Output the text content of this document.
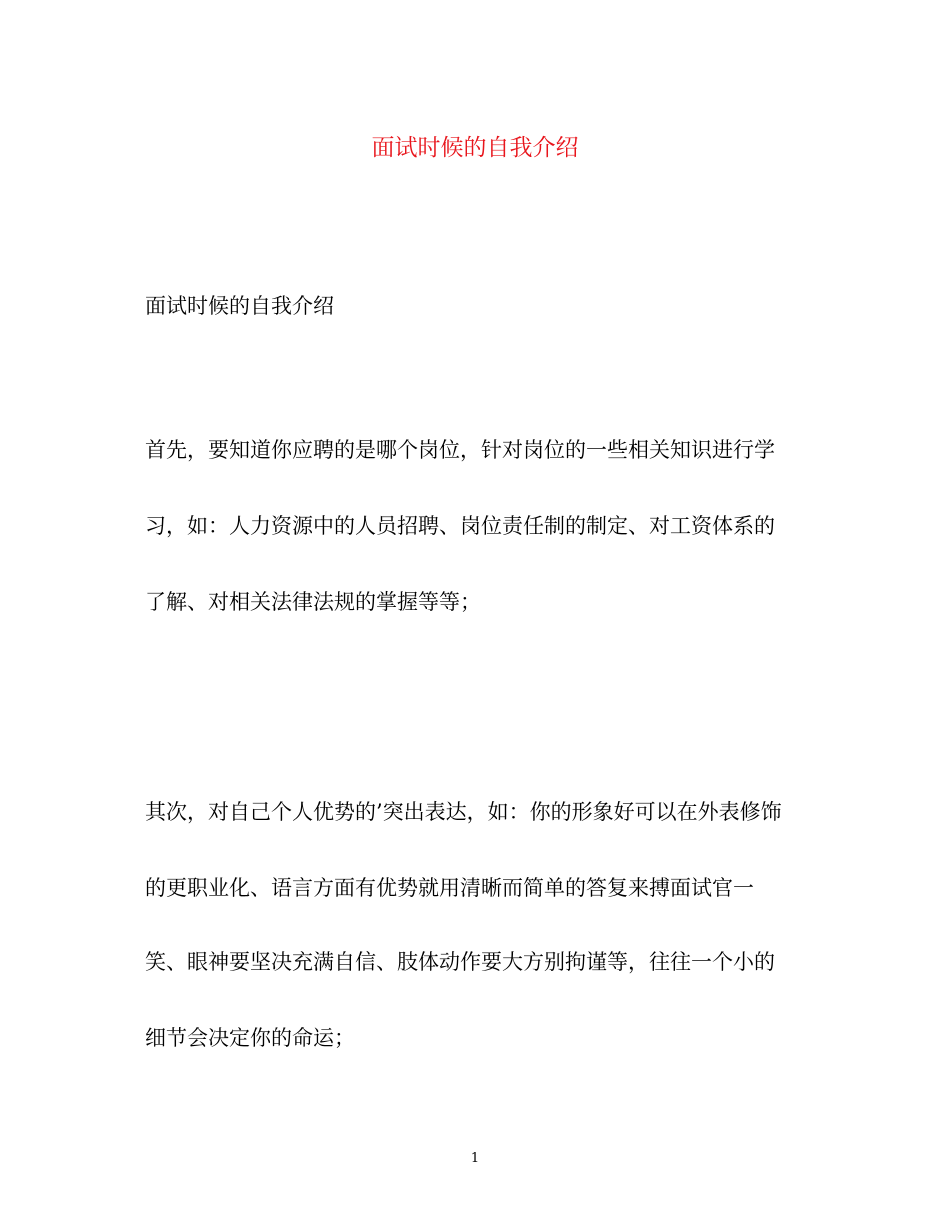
面试时候的自我介绍
面试时候的自我介绍

首先，要知道你应聘的是哪个岗位，针对岗位的一些相关知识进行学

习，如：人力资源中的人员招聘、岗位责任制的制定、对工资体系的

了解、对相关法律法规的掌握等等；

其次，对自己个人优势的’突出表达，如：你的形象好可以在外表修饰

的更职业化、语言方面有优势就用清晰而简单的答复来搏面试官一

笑、眼神要坚决充满自信、肢体动作要大方别拘谨等，往往一个小的

细节会决定你的命运；

1
